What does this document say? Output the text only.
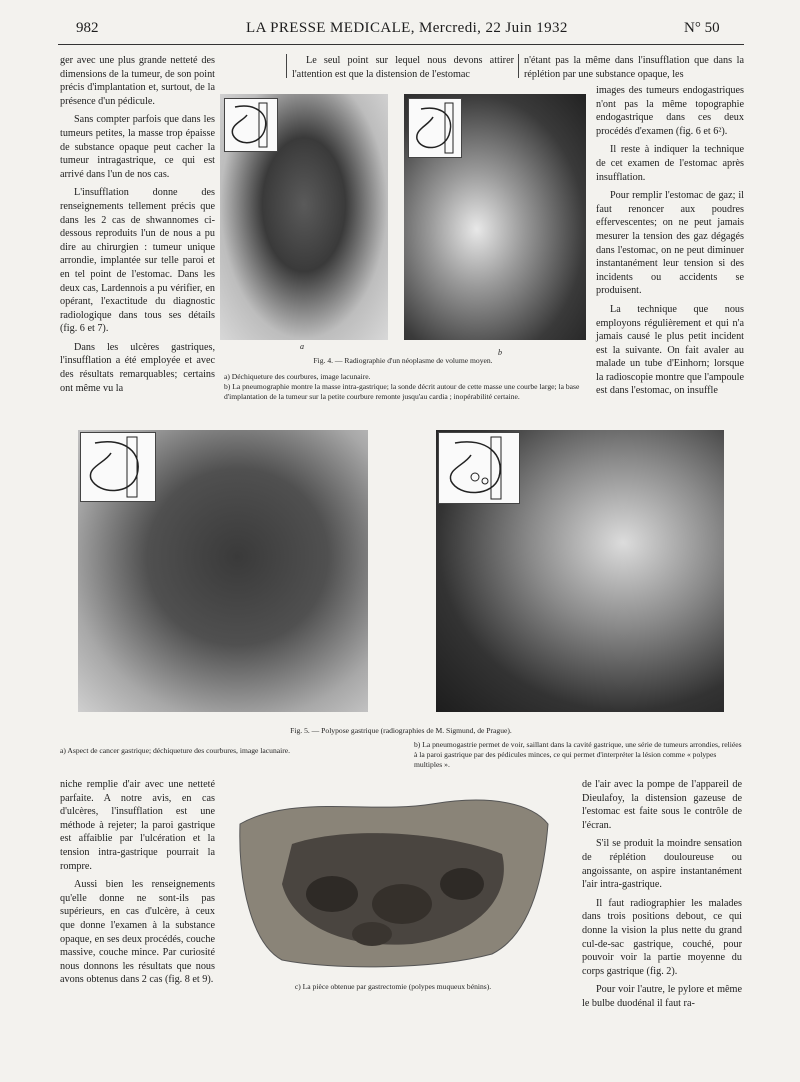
982	LA PRESSE MEDICALE, Mercredi, 22 Juin 1932	N° 50

ger avec une plus grande netteté des dimensions de la tumeur, de son point précis d'implantation et, surtout, de la présence d'un pédicule.

Sans compter parfois que dans les tumeurs petites, la masse trop épaisse de substance opaque peut cacher la tumeur intragastrique, ce qui est arrivé dans l'un de nos cas.

L'insufflation donne des renseignements tellement précis que dans les 2 cas de shwannomes ci-dessous reproduits l'un de nous a pu dire au chirurgien : tumeur unique arrondie, implantée sur telle paroi et en tel point de l'estomac. Dans les deux cas, Lardennois a pu vérifier, en opérant, l'exactitude du diagnostic radiologique dans tous ses détails (fig. 6 et 7).

Dans les ulcères gastriques, l'insufflation a été employée et avec des résultats remarquables; certains ont même vu la

Le seul point sur lequel nous devons attirer l'attention est que la distension de l'estomac

n'étant pas la même dans l'insufflation que dans la réplétion par une substance opaque, les

images des tumeurs endogastriques n'ont pas la même topographie endogastrique dans ces deux procédés d'examen (fig. 6 et 6²).

Il reste à indiquer la technique de cet examen de l'estomac après insufflation.

Pour remplir l'estomac de gaz; il faut renoncer aux poudres effervescentes; on ne peut jamais mesurer la tension des gaz dégagés dans l'estomac, on ne peut diminuer instantanément leur tension si des incidents ou accidents se produisent.

La technique que nous employons régulièrement et qui n'a jamais causé le plus petit incident est la suivante. On fait avaler au malade un tube d'Einhorn; lorsque la radioscopie montre que l'ampoule est dans l'estomac, on insuffle

a
b
Fig. 4. — Radiographie d'un néoplasme de volume moyen.
a) Déchiqueture des courbures, image lacunaire.
b) La pneumographie montre la masse intra-gastrique; la sonde décrit autour de cette masse une courbe large; la base d'implantation de la tumeur sur la petite courbure remonte jusqu'au cardia ; inopérabilité certaine.
Fig. 5. — Polypose gastrique (radiographies de M. Sigmund, de Prague).
a) Aspect de cancer gastrique; déchiqueture des courbures, image lacunaire.
b) La pneumogastrie permet de voir, saillant dans la cavité gastrique, une série de tumeurs arrondies, reliées à la paroi gastrique par des pédicules minces, ce qui permet d'interpréter la lésion comme « polypes multiples ».

niche remplie d'air avec une netteté parfaite. A notre avis, en cas d'ulcères, l'insufflation est une méthode à rejeter; la paroi gastrique est affaiblie par l'ulcération et la tension intra-gastrique pourrait la rompre.

Aussi bien les renseignements qu'elle donne ne sont-ils pas supérieurs, en cas d'ulcère, à ceux que donne l'examen à la substance opaque, en ses deux procédés, couche massive, couche mince. Par curiosité nous donnons les résultats que nous avons obtenus dans 2 cas (fig. 8 et 9).

c) La pièce obtenue par gastrectomie (polypes muqueux bénins).

de l'air avec la pompe de l'appareil de Dieulafoy, la distension gazeuse de l'estomac est faite sous le contrôle de l'écran.

S'il se produit la moindre sensation de réplétion douloureuse ou angoissante, on aspire instantanément l'air intra-gastrique.

Il faut radiographier les malades dans trois positions debout, ce qui donne la vision la plus nette du grand cul-de-sac gastrique, couché, pour pouvoir voir la partie moyenne du corps gastrique (fig. 2).

Pour voir l'autre, le pylore et même le bulbe duodénal il faut ra-
